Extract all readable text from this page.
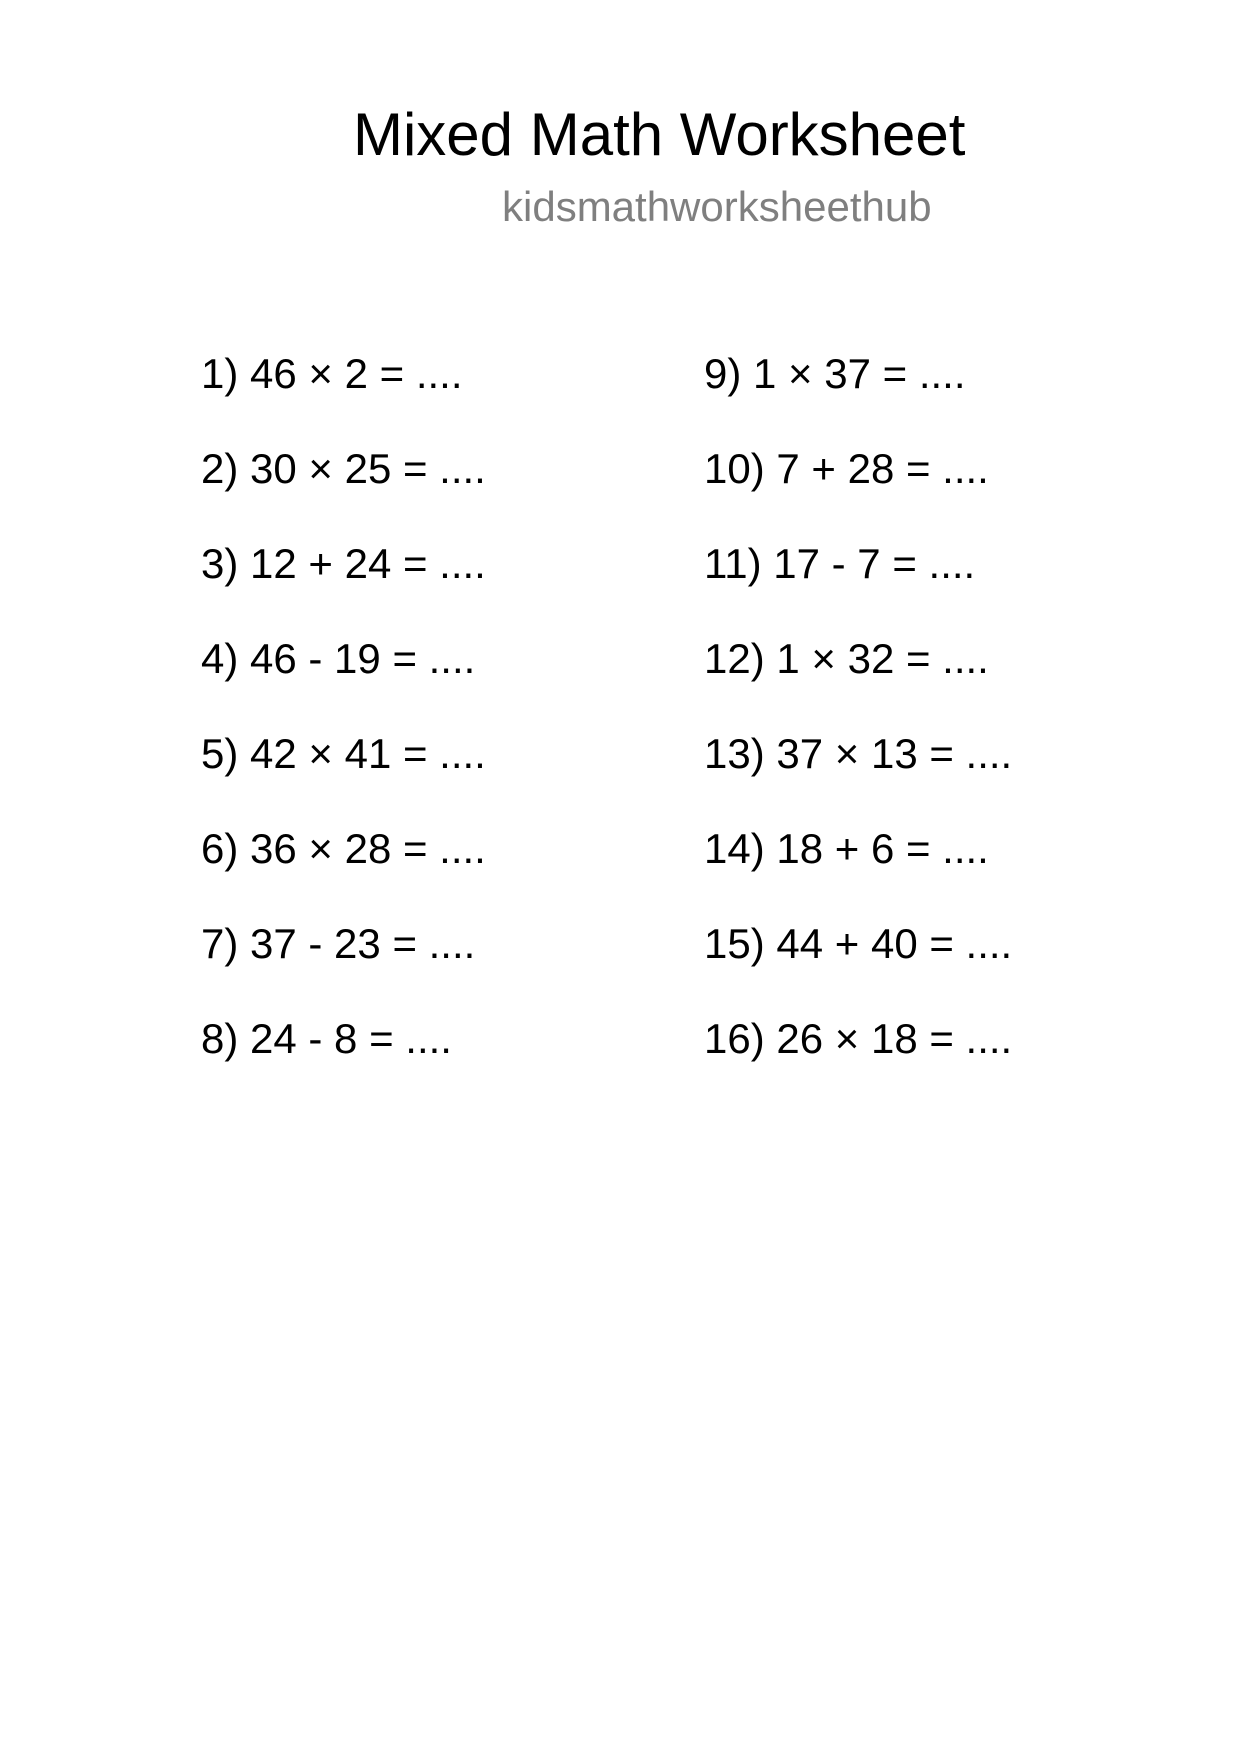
Mixed Math Worksheet
kidsmathworksheethub
1) 46 × 2 = ....
2) 30 × 25 = ....
3) 12 + 24 = ....
4) 46 - 19 = ....
5) 42 × 41 = ....
6) 36 × 28 = ....
7) 37 - 23 = ....
8) 24 - 8 = ....
9) 1 × 37 = ....
10) 7 + 28 = ....
11) 17 - 7 = ....
12) 1 × 32 = ....
13) 37 × 13 = ....
14) 18 + 6 = ....
15) 44 + 40 = ....
16) 26 × 18 = ....
